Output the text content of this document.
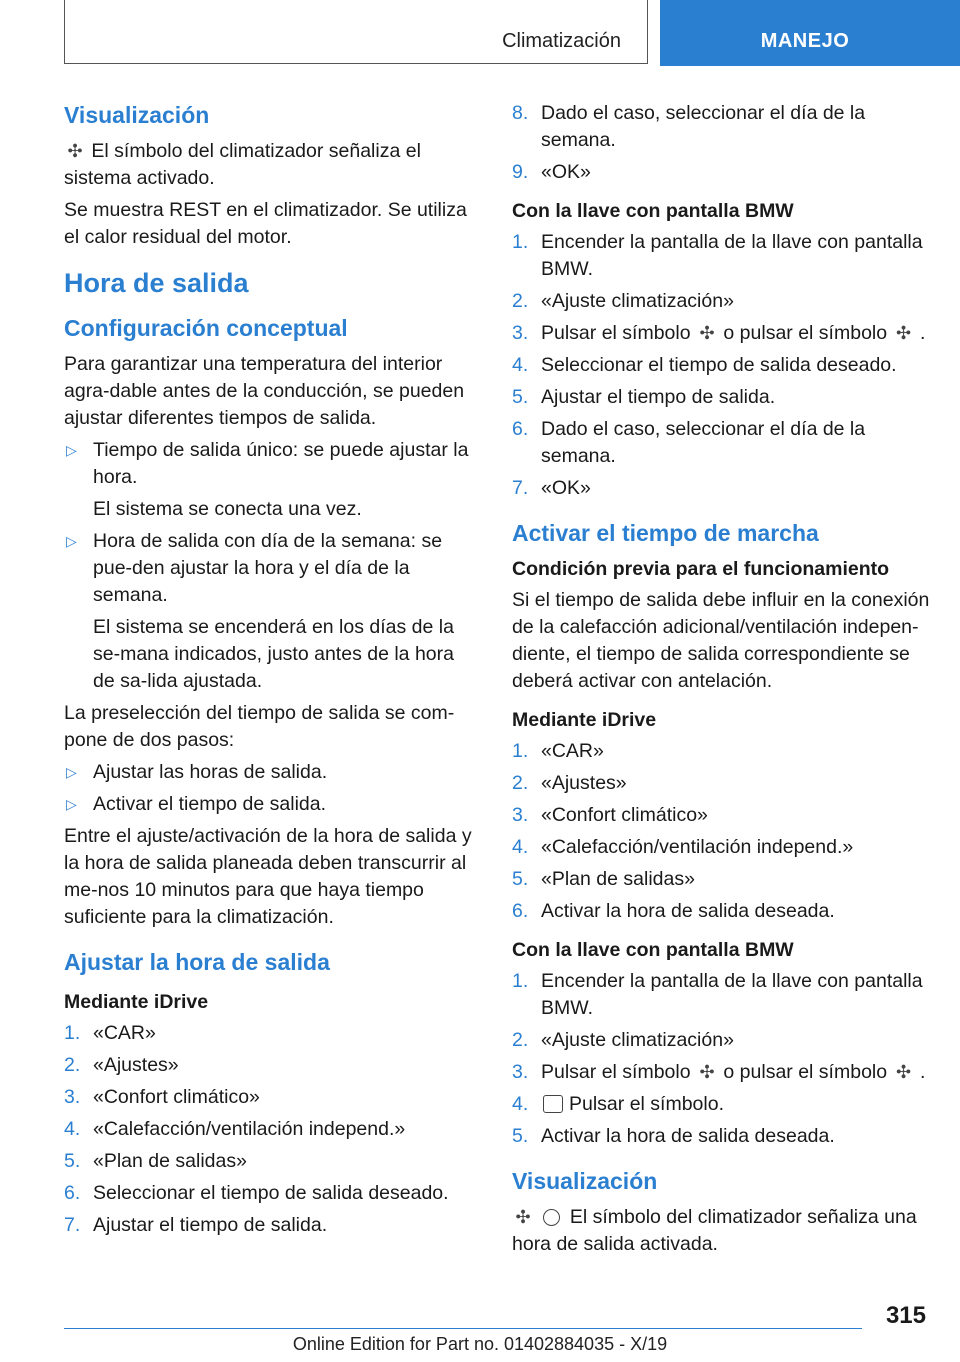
Climatización	MANEJO
Visualización

✣ El símbolo del climatizador señaliza el sistema activado.

Se muestra REST en el climatizador. Se utiliza el calor residual del motor.

Hora de salida
Configuración conceptual

Para garantizar una temperatura del interior agra-dable antes de la conducción, se pueden ajustar diferentes tiempos de salida.

▷ Tiempo de salida único: se puede ajustar la hora.
El sistema se conecta una vez.
▷ Hora de salida con día de la semana: se pue-den ajustar la hora y el día de la semana.
El sistema se encenderá en los días de la se-mana indicados, justo antes de la hora de sa-lida ajustada.

La preselección del tiempo de salida se com-pone de dos pasos:

▷ Ajustar las horas de salida.
▷ Activar el tiempo de salida.

Entre el ajuste/activación de la hora de salida y la hora de salida planeada deben transcurrir al me-nos 10 minutos para que haya tiempo suficiente para la climatización.

Ajustar la hora de salida
Mediante iDrive
1. «CAR»
2. «Ajustes»
3. «Confort climático»
4. «Calefacción/ventilación independ.»
5. «Plan de salidas»
6. Seleccionar el tiempo de salida deseado.
7. Ajustar el tiempo de salida.
8. Dado el caso, seleccionar el día de la semana.
9. «OK»
Con la llave con pantalla BMW
1. Encender la pantalla de la llave con pantalla BMW.
2. «Ajuste climatización»
3. Pulsar el símbolo ✣ o pulsar el símbolo ✣ .
4. Seleccionar el tiempo de salida deseado.
5. Ajustar el tiempo de salida.
6. Dado el caso, seleccionar el día de la semana.
7. «OK»
Activar el tiempo de marcha
Condición previa para el funcionamiento

Si el tiempo de salida debe influir en la conexión de la calefacción adicional/ventilación indepen-diente, el tiempo de salida correspondiente se deberá activar con antelación.

Mediante iDrive
1. «CAR»
2. «Ajustes»
3. «Confort climático»
4. «Calefacción/ventilación independ.»
5. «Plan de salidas»
6. Activar la hora de salida deseada.
Con la llave con pantalla BMW
1. Encender la pantalla de la llave con pantalla BMW.
2. «Ajuste climatización»
3. Pulsar el símbolo ✣ o pulsar el símbolo ✣ .
4. Pulsar el símbolo.
5. Activar la hora de salida deseada.
Visualización

✣ El símbolo del climatizador señaliza una hora de salida activada.

315
Online Edition for Part no. 01402884035 - X/19
